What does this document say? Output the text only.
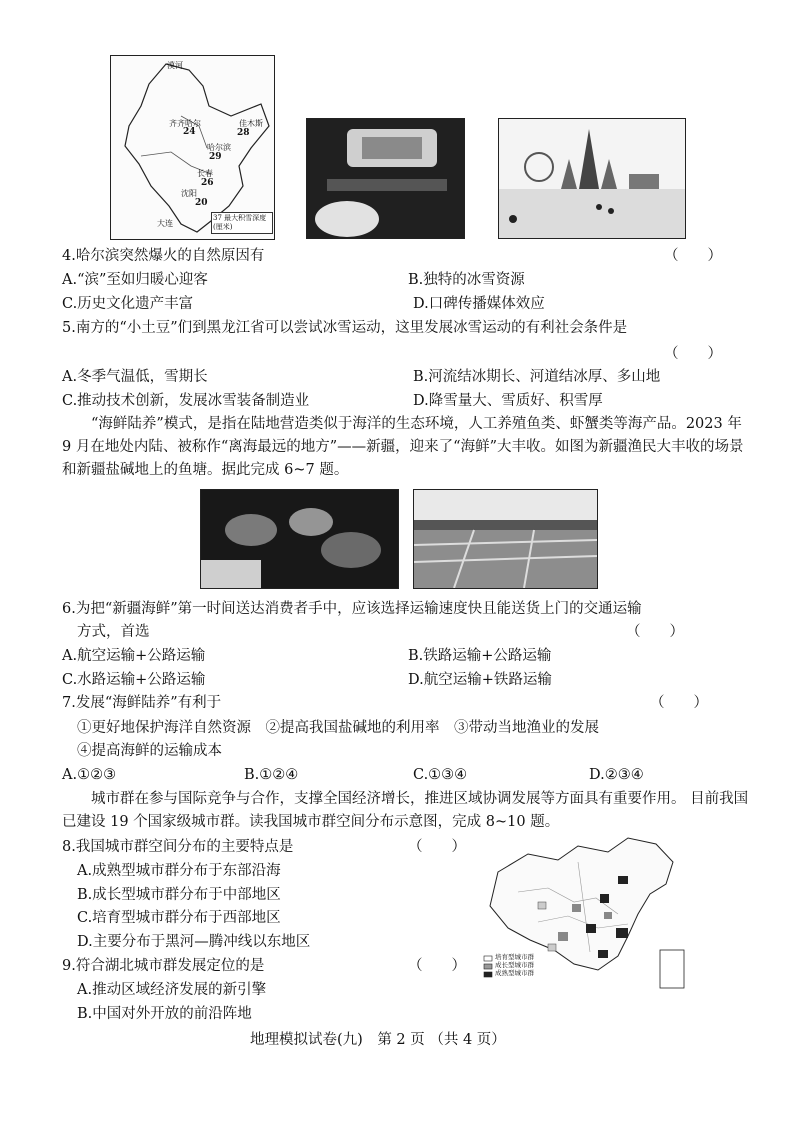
漠河
齐齐哈尔
哈尔滨
佳木斯
长春
沈阳
大连
24	28
29
26
20
37 最大积雪深度(厘米)
4.哈尔滨突然爆火的自然原因有	（　　）
A.“滨”至如归暖心迎客	B.独特的冰雪资源
C.历史文化遗产丰富	D.口碑传播媒体效应
5.南方的“小土豆”们到黑龙江省可以尝试冰雪运动，这里发展冰雪运动的有利社会条件是
（　　）
A.冬季气温低，雪期长	B.河流结冰期长、河道结冰厚、多山地
C.推动技术创新，发展冰雪装备制造业	D.降雪量大、雪质好、积雪厚
“海鲜陆养”模式，是指在陆地营造类似于海洋的生态环境，人工养殖鱼类、虾蟹类等海产品。2023 年 9 月在地处内陆、被称作“离海最远的地方”——新疆，迎来了“海鲜”大丰收。如图为新疆渔民大丰收的场景和新疆盐碱地上的鱼塘。据此完成 6~7 题。
6.为把“新疆海鲜”第一时间送达消费者手中，应该选择运输速度快且能送货上门的交通运输
方式，首选	（　　）
A.航空运输+公路运输	B.铁路运输+公路运输
C.水路运输+公路运输	D.航空运输+铁路运输
7.发展“海鲜陆养”有利于	（　　）
①更好地保护海洋自然资源　②提高我国盐碱地的利用率　③带动当地渔业的发展
④提高海鲜的运输成本
A.①②③	B.①②④	C.①③④	D.②③④
城市群在参与国际竞争与合作，支撑全国经济增长，推进区域协调发展等方面具有重要作用。 目前我国已建设 19 个国家级城市群。读我国城市群空间分布示意图，完成 8~10 题。
8.我国城市群空间分布的主要特点是	（　　）
A.成熟型城市群分布于东部沿海
B.成长型城市群分布于中部地区
C.培育型城市群分布于西部地区
D.主要分布于黑河—腾冲线以东地区
培育型城市群
成长型城市群
成熟型城市群
9.符合湖北城市群发展定位的是	（　　）
A.推动区域经济发展的新引擎
B.中国对外开放的前沿阵地
地理模拟试卷(九)　第 2 页 （共 4 页）
